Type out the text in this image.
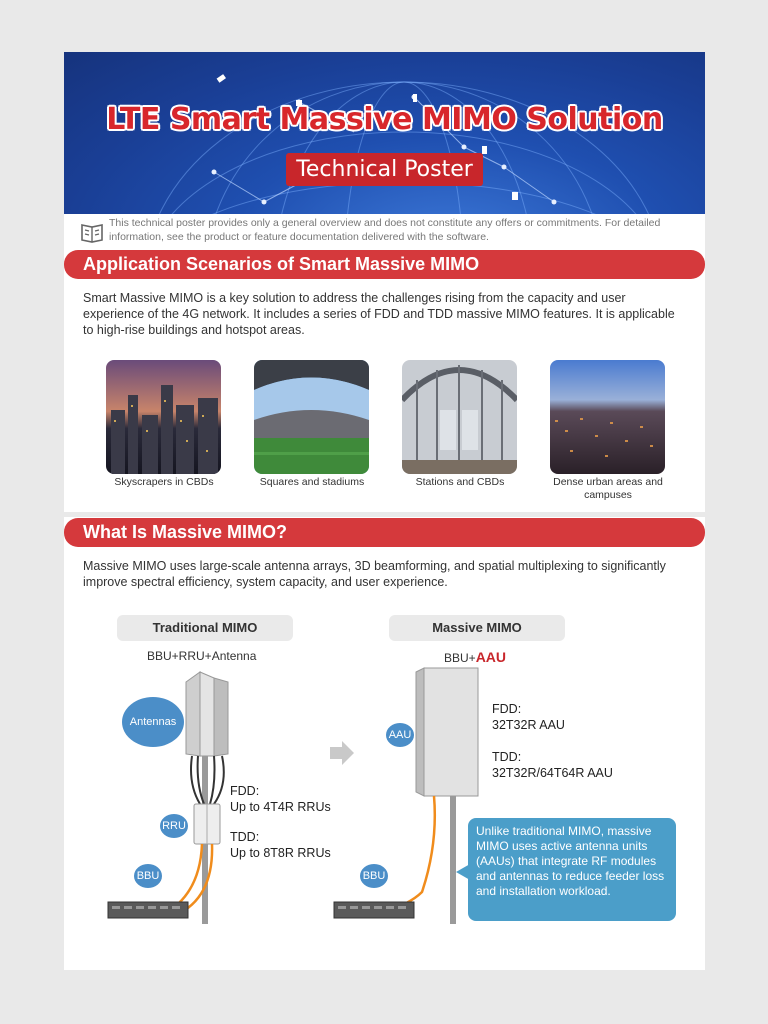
LTE Smart Massive MIMO Solution
Technical Poster
This technical poster provides only a general overview and does not constitute any offers or commitments. For detailed information, see the product or feature documentation delivered with the software.
Application Scenarios of Smart Massive MIMO
Smart Massive MIMO is a key solution to address the challenges rising from the capacity and user experience of the 4G network. It includes a series of FDD and TDD massive MIMO features. It is applicable to high-rise buildings and hotspot areas.
Skyscrapers in CBDs	Squares and stadiums	Stations and CBDs	Dense urban areas and campuses
What Is Massive MIMO?
Massive MIMO uses large-scale antenna arrays, 3D beamforming, and spatial multiplexing to significantly improve spectral efficiency, system capacity, and user experience.
Traditional MIMO
BBU+RRU+Antenna
Antennas
RRU
BBU
FDD:
Up to 4T4R RRUs
TDD:
Up to 8T8R RRUs
Massive MIMO
BBU+AAU
AAU
BBU
FDD:
32T32R AAU
TDD:
32T32R/64T64R AAU
Unlike traditional MIMO, massive MIMO uses active antenna units (AAUs) that integrate RF modules and antennas to reduce feeder loss and installation workload.
